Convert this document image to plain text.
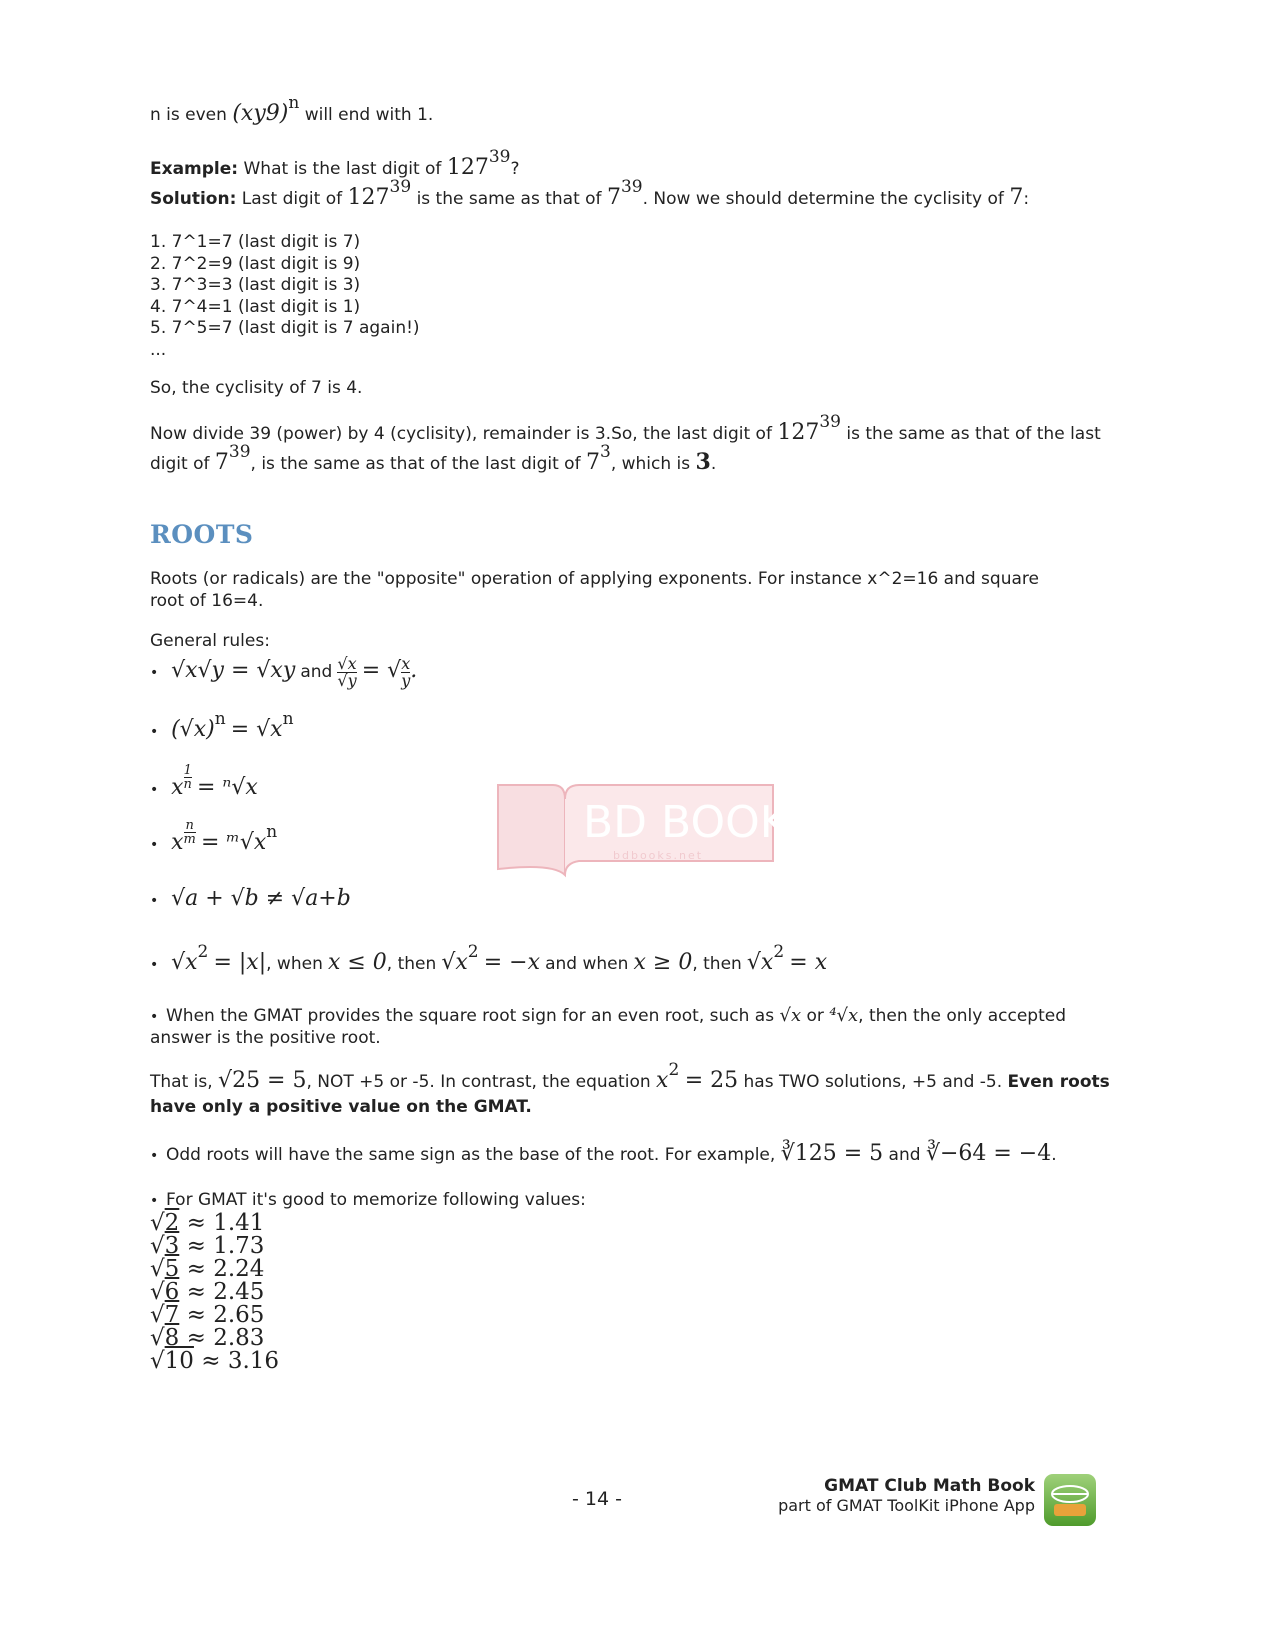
n is even (xy9)n will end with 1.
Example: What is the last digit of 12739?
Solution: Last digit of 12739 is the same as that of 739. Now we should determine the cyclisity of 7:
1. 7^1=7 (last digit is 7)
2. 7^2=9 (last digit is 9)
3. 7^3=3 (last digit is 3)
4. 7^4=1 (last digit is 1)
5. 7^5=7 (last digit is 7 again!)
...
So, the cyclisity of 7 is 4.
Now divide 39 (power) by 4 (cyclisity), remainder is 3.So, the last digit of 12739 is the same as that of the last
digit of 739, is the same as that of the last digit of 73, which is 3.
ROOTS
Roots (or radicals) are the "opposite" operation of applying exponents. For instance x^2=16 and square root of 16=4.
General rules:
• √x√y = √xy and $\frac{√x}{√y}$ = √ $\frac{x}{y}$ .
• (√x)n = √xn
• x $\frac{1}{n} = ^n√x$
• x $\frac{n}{m}$ = ᵐ√xn
• √a + √b ≠ √a+b
• √x2 = |x|, when x ≤ 0, then √x2 = −x and when x ≥ 0, then √x2 = x
• When the GMAT provides the square root sign for an even root, such as √x or ⁴√x, then the only accepted
answer is the positive root.
That is, √25 = 5, NOT +5 or -5. In contrast, the equation x2 = 25 has TWO solutions, +5 and -5. Even roots
have only a positive value on the GMAT.
• Odd roots will have the same sign as the base of the root. For example, ∛125 = 5 and ∛−64 = −4.
• For GMAT it's good to memorize following values:
√2 ≈ 1.41
√3 ≈ 1.73
√5 ≈ 2.24
√6 ≈ 2.45
√7 ≈ 2.65
√8 ≈ 2.83
√10 ≈ 3.16
BD BOOKS
bdbooks.net
- 14 -
GMAT Club Math Book
part of GMAT ToolKit iPhone App
